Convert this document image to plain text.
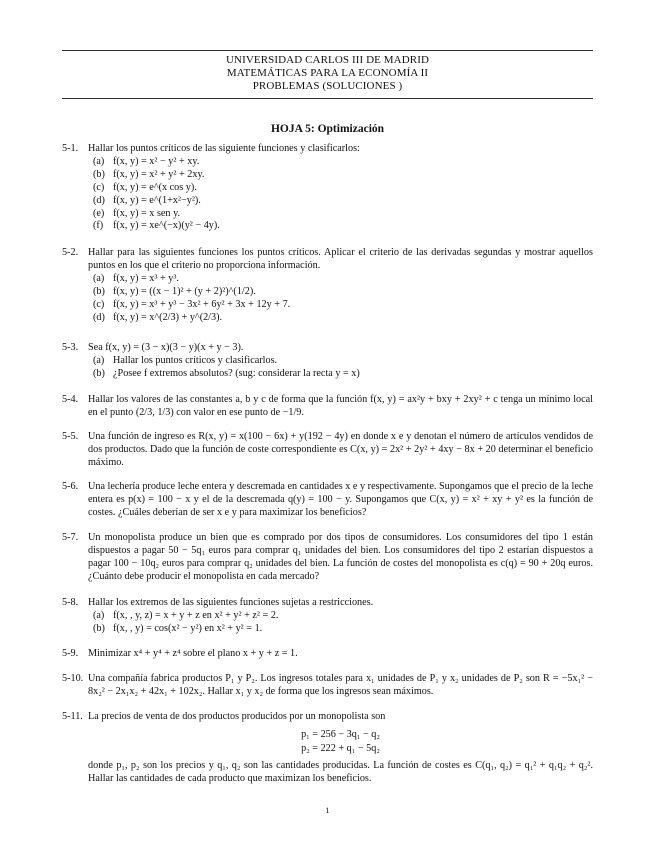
UNIVERSIDAD CARLOS III DE MADRID
MATEMÁTICAS PARA LA ECONOMÍA II
PROBLEMAS (SOLUCIONES )
HOJA 5: Optimización
5-1. Hallar los puntos críticos de las siguiente funciones y clasificarlos:
(a) f(x, y) = x² − y² + xy.
(b) f(x, y) = x² + y² + 2xy.
(c) f(x, y) = e^(x cos y).
(d) f(x, y) = e^(1+x²−y²).
(e) f(x, y) = x sen y.
(f) f(x, y) = xe^(−x)(y² − 4y).
5-2. Hallar para las siguientes funciones los puntos críticos. Aplicar el criterio de las derivadas segundas y mostrar aquellos puntos en los que el criterio no proporciona información.
(a) f(x, y) = x³ + y³.
(b) f(x, y) = ((x − 1)² + (y + 2)²)^(1/2).
(c) f(x, y) = x³ + y³ − 3x² + 6y² + 3x + 12y + 7.
(d) f(x, y) = x^(2/3) + y^(2/3).
5-3. Sea f(x, y) = (3 − x)(3 − y)(x + y − 3).
(a) Hallar los puntos críticos y clasificarlos.
(b) ¿Posee f extremos absolutos? (sug: considerar la recta y = x)
5-4. Hallar los valores de las constantes a, b y c de forma que la función f(x, y) = ax²y + bxy + 2xy² + c tenga un mínimo local en el punto (2/3, 1/3) con valor en ese punto de −1/9.
5-5. Una función de ingreso es R(x, y) = x(100 − 6x) + y(192 − 4y) en donde x e y denotan el número de artículos vendidos de dos productos. Dado que la función de coste correspondiente es C(x, y) = 2x² + 2y² + 4xy − 8x + 20 determinar el beneficio máximo.
5-6. Una lechería produce leche entera y descremada en cantidades x e y respectivamente. Supongamos que el precio de la leche entera es p(x) = 100 − x y el de la descremada q(y) = 100 − y. Supongamos que C(x, y) = x² + xy + y² es la función de costes. ¿Cuáles deberían de ser x e y para maximizar los beneficios?
5-7. Un monopolista produce un bien que es comprado por dos tipos de consumidores. Los consumidores del tipo 1 están dispuestos a pagar 50 − 5q₁ euros para comprar q₁ unidades del bien. Los consumidores del tipo 2 estarían dispuestos a pagar 100 − 10q₂ euros para comprar q₂ unidades del bien. La función de costes del monopolista es c(q) = 90 + 20q euros. ¿Cuánto debe producir el monopolista en cada mercado?
5-8. Hallar los extremos de las siguientes funciones sujetas a restricciones.
(a) f(x, , y, z) = x + y + z en x² + y² + z² = 2.
(b) f(x, , y) = cos(x² − y²) en x² + y² = 1.
5-9. Minimizar x⁴ + y⁴ + z⁴ sobre el plano x + y + z = 1.
5-10. Una compañía fabrica productos P₁ y P₂. Los ingresos totales para x₁ unidades de P₁ y x₂ unidades de P₂ son R = −5x₁² − 8x₂² − 2x₁x₂ + 42x₁ + 102x₂. Hallar x₁ y x₂ de forma que los ingresos sean máximos.
5-11. La precios de venta de dos productos producidos por un monopolista son
p₁ = 256 − 3q₁ − q₂
p₂ = 222 + q₁ − 5q₂
donde p₁, p₂ son los precios y q₁, q₂ son las cantidades producidas. La función de costes es C(q₁, q₂) = q₁² + q₁q₂ + q₂². Hallar las cantidades de cada producto que maximizan los beneficios.
1
